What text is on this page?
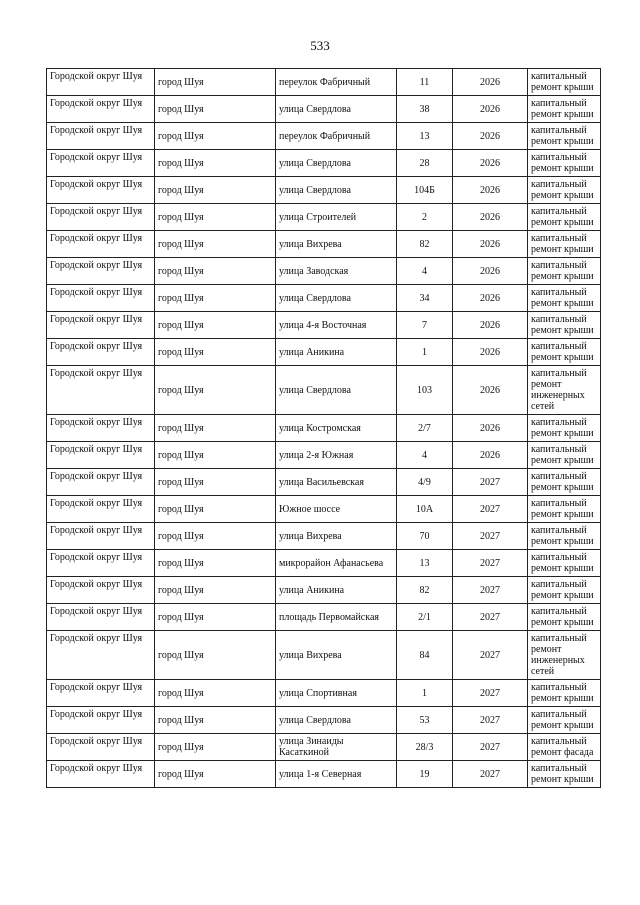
533
Городской округ Шуя	город Шуя	переулок Фабричный	11	2026	капитальный ремонт крыши
Городской округ Шуя	город Шуя	улица Свердлова	38	2026	капитальный ремонт крыши
Городской округ Шуя	город Шуя	переулок Фабричный	13	2026	капитальный ремонт крыши
Городской округ Шуя	город Шуя	улица Свердлова	28	2026	капитальный ремонт крыши
Городской округ Шуя	город Шуя	улица Свердлова	104Б	2026	капитальный ремонт крыши
Городской округ Шуя	город Шуя	улица Строителей	2	2026	капитальный ремонт крыши
Городской округ Шуя	город Шуя	улица Вихрева	82	2026	капитальный ремонт крыши
Городской округ Шуя	город Шуя	улица Заводская	4	2026	капитальный ремонт крыши
Городской округ Шуя	город Шуя	улица Свердлова	34	2026	капитальный ремонт крыши
Городской округ Шуя	город Шуя	улица 4-я Восточная	7	2026	капитальный ремонт крыши
Городской округ Шуя	город Шуя	улица Аникина	1	2026	капитальный ремонт крыши
Городской округ Шуя	город Шуя	улица Свердлова	103	2026	капитальный ремонт инженерных сетей
Городской округ Шуя	город Шуя	улица Костромская	2/7	2026	капитальный ремонт крыши
Городской округ Шуя	город Шуя	улица 2-я Южная	4	2026	капитальный ремонт крыши
Городской округ Шуя	город Шуя	улица Васильевская	4/9	2027	капитальный ремонт крыши
Городской округ Шуя	город Шуя	Южное шоссе	10А	2027	капитальный ремонт крыши
Городской округ Шуя	город Шуя	улица Вихрева	70	2027	капитальный ремонт крыши
Городской округ Шуя	город Шуя	микрорайон Афанасьева	13	2027	капитальный ремонт крыши
Городской округ Шуя	город Шуя	улица Аникина	82	2027	капитальный ремонт крыши
Городской округ Шуя	город Шуя	площадь Первомайская	2/1	2027	капитальный ремонт крыши
Городской округ Шуя	город Шуя	улица Вихрева	84	2027	капитальный ремонт инженерных сетей
Городской округ Шуя	город Шуя	улица Спортивная	1	2027	капитальный ремонт крыши
Городской округ Шуя	город Шуя	улица Свердлова	53	2027	капитальный ремонт крыши
Городской округ Шуя	город Шуя	улица Зинаиды Касаткиной	28/3	2027	капитальный ремонт фасада
Городской округ Шуя	город Шуя	улица 1-я Северная	19	2027	капитальный ремонт крыши
